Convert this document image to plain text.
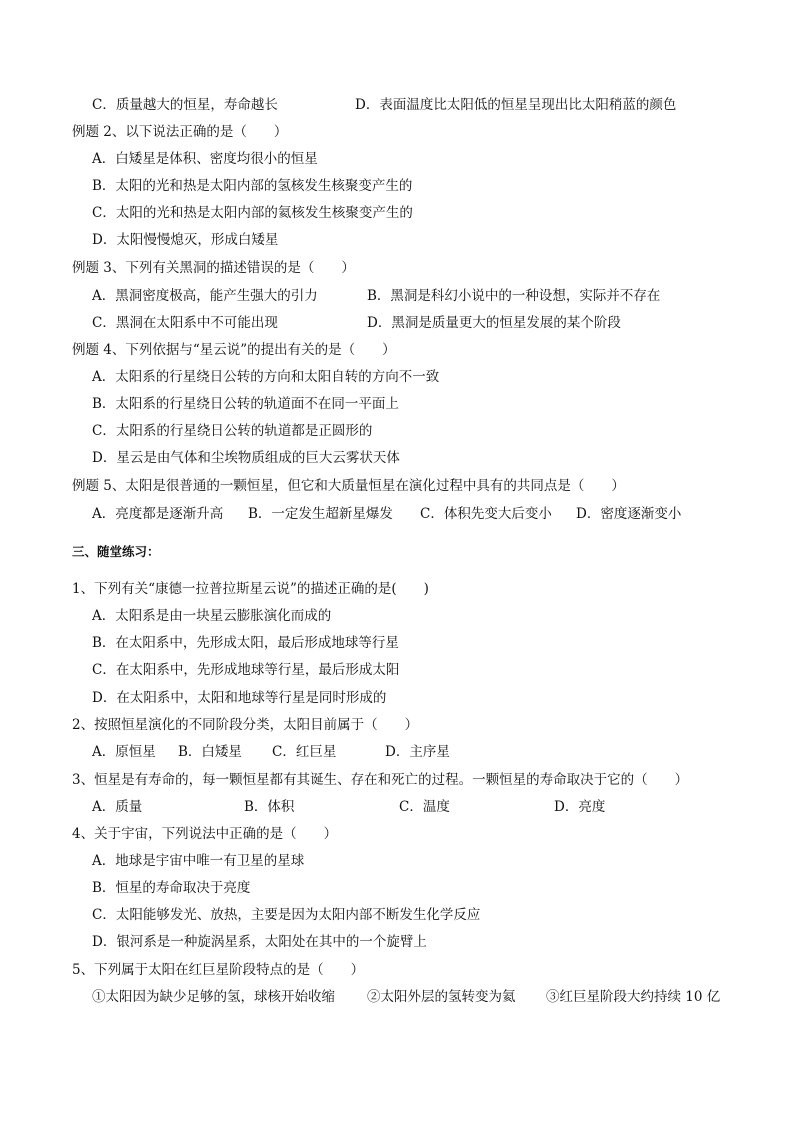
C．质量越大的恒星，寿命越长	D．表面温度比太阳低的恒星呈现出比太阳稍蓝的颜色
例题 2、以下说法正确的是（　　）
A．白矮星是体积、密度均很小的恒星
B．太阳的光和热是太阳内部的氢核发生核聚变产生的
C．太阳的光和热是太阳内部的氦核发生核聚变产生的
D．太阳慢慢熄灭，形成白矮星
例题 3、下列有关黑洞的描述错误的是（　　）
A．黑洞密度极高，能产生强大的引力	B．黑洞是科幻小说中的一种设想，实际并不存在
C．黑洞在太阳系中不可能出现	D．黑洞是质量更大的恒星发展的某个阶段
例题 4、下列依据与“星云说”的提出有关的是（　　）
A．太阳系的行星绕日公转的方向和太阳自转的方向不一致
B．太阳系的行星绕日公转的轨道面不在同一平面上
C．太阳系的行星绕日公转的轨道都是正圆形的
D．星云是由气体和尘埃物质组成的巨大云雾状天体
例题 5、太阳是很普通的一颗恒星，但它和大质量恒星在演化过程中具有的共同点是（　　）
A．亮度都是逐渐升高 B．一定发生超新星爆发 C．体积先变大后变小 D．密度逐渐变小
三、随堂练习：
1、下列有关“康德一拉普拉斯星云说”的描述正确的是(　　)
A．太阳系是由一块星云膨胀演化而成的
B．在太阳系中，先形成太阳，最后形成地球等行星
C．在太阳系中，先形成地球等行星，最后形成太阳
D．在太阳系中，太阳和地球等行星是同时形成的
2、按照恒星演化的不同阶段分类，太阳目前属于（　　）
A．原恒星 B．白矮星 C．红巨星	D．主序星
3、恒星是有寿命的，每一颗恒星都有其诞生、存在和死亡的过程。一颗恒星的寿命取决于它的（　　）
A．质量	B．体积	C．温度	D．亮度
4、关于宇宙，下列说法中正确的是（　　）
A．地球是宇宙中唯一有卫星的星球
B．恒星的寿命取决于亮度
C．太阳能够发光、放热，主要是因为太阳内部不断发生化学反应
D．银河系是一种旋涡星系，太阳处在其中的一个旋臂上
5、下列属于太阳在红巨星阶段特点的是（　　）
①太阳因为缺少足够的氢，球核开始收缩 ②太阳外层的氢转变为氦 ③红巨星阶段大约持续 10 亿
